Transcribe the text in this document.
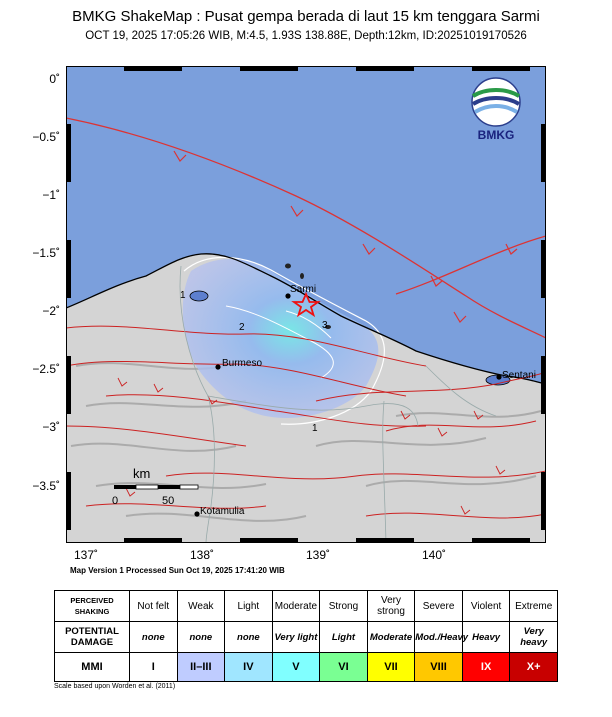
BMKG ShakeMap : Pusat gempa berada di laut 15 km tenggara Sarmi
OCT 19, 2025 17:05:26 WIB, M:4.5, 1.93S 138.88E, Depth:12km, ID:20251019170526
0˚
−0.5˚
−1˚
−1.5˚
−2˚
−2.5˚
−3˚
−3.5˚
137˚	138˚	139˚	140˚
BMKG
Sarmi
Burmeso
Sentani
Kotamulia
1
1
2	3
km
0	50
Map Version 1 Processed Sun Oct 19, 2025 17:41:20 WIB
PERCEIVED SHAKING	Not felt	Weak	Light	Moderate	Strong	Very strong	Severe	Violent	Extreme
POTENTIAL DAMAGE	none	none	none	Very light	Light	Moderate	Mod./Heavy	Heavy	Very heavy
MMI	I	II–III	IV	V	VI	VII	VIII	IX	X+
Scale based upon Worden et al. (2011)
